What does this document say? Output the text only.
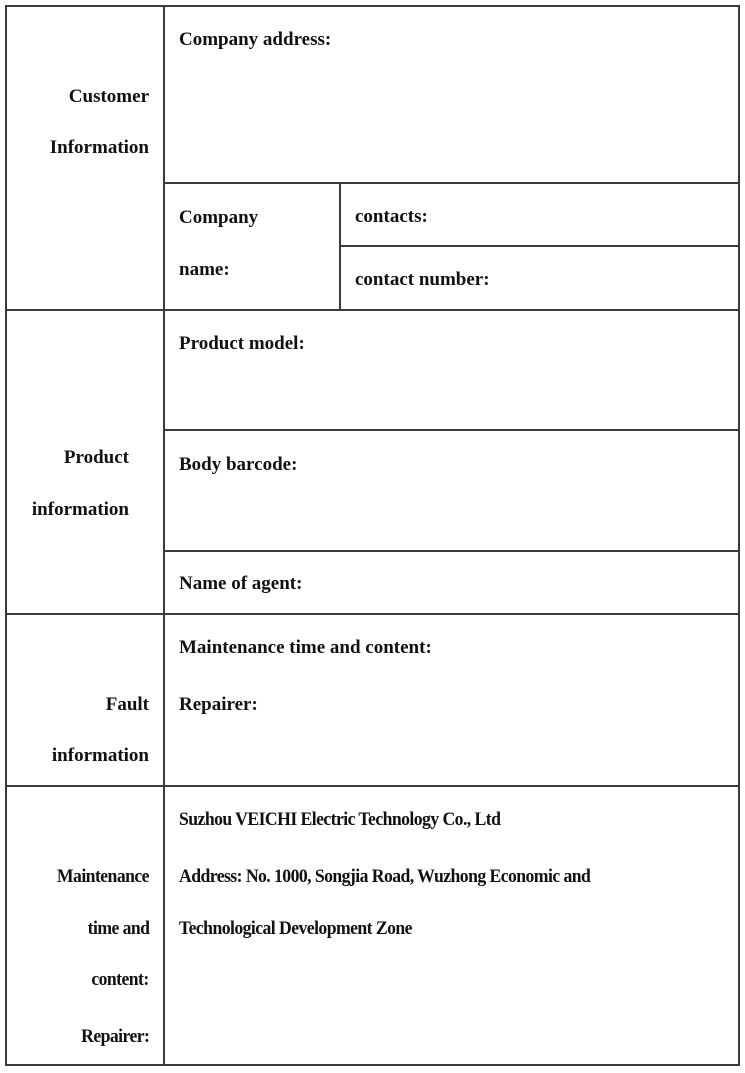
Customer
Information
Company address:
Company
name:
contacts:
contact number:
Product
information
Product model:
Body barcode:
Name of agent:
Fault
information
Maintenance time and content:
Repairer:
Maintenance
time and
content:
Repairer:
Suzhou VEICHI Electric Technology Co., Ltd
Address: No. 1000, Songjia Road, Wuzhong Economic and
Technological Development Zone
